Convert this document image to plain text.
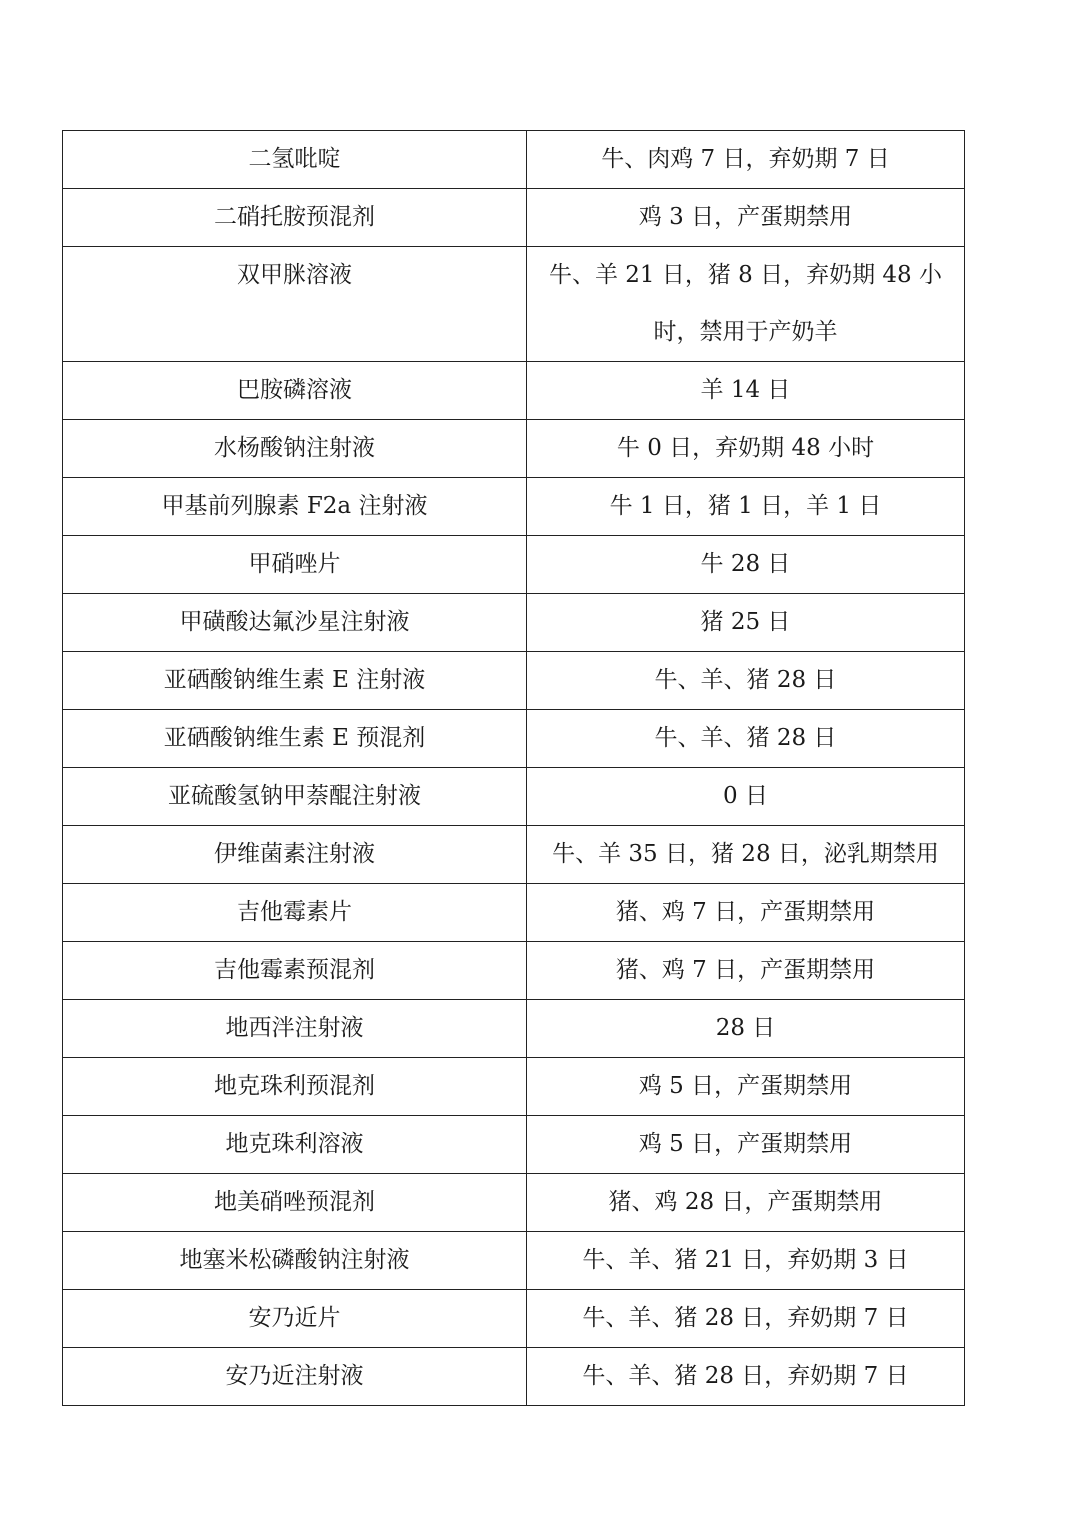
二氢吡啶	牛、肉鸡 7 日，弃奶期 7 日
二硝托胺预混剂	鸡 3 日，产蛋期禁用
双甲脒溶液	牛、羊 21 日，猪 8 日，弃奶期 48 小时，禁用于产奶羊
巴胺磷溶液	羊 14 日
水杨酸钠注射液	牛 0 日，弃奶期 48 小时
甲基前列腺素 F2a 注射液	牛 1 日，猪 1 日，羊 1 日
甲硝唑片	牛 28 日
甲磺酸达氟沙星注射液	猪 25 日
亚硒酸钠维生素 E 注射液	牛、羊、猪 28 日
亚硒酸钠维生素 E 预混剂	牛、羊、猪 28 日
亚硫酸氢钠甲萘醌注射液	0 日
伊维菌素注射液	牛、羊 35 日，猪 28 日，泌乳期禁用
吉他霉素片	猪、鸡 7 日，产蛋期禁用
吉他霉素预混剂	猪、鸡 7 日，产蛋期禁用
地西泮注射液	28 日
地克珠利预混剂	鸡 5 日，产蛋期禁用
地克珠利溶液	鸡 5 日，产蛋期禁用
地美硝唑预混剂	猪、鸡 28 日，产蛋期禁用
地塞米松磷酸钠注射液	牛、羊、猪 21 日，弃奶期 3 日
安乃近片	牛、羊、猪 28 日，弃奶期 7 日
安乃近注射液	牛、羊、猪 28 日，弃奶期 7 日
